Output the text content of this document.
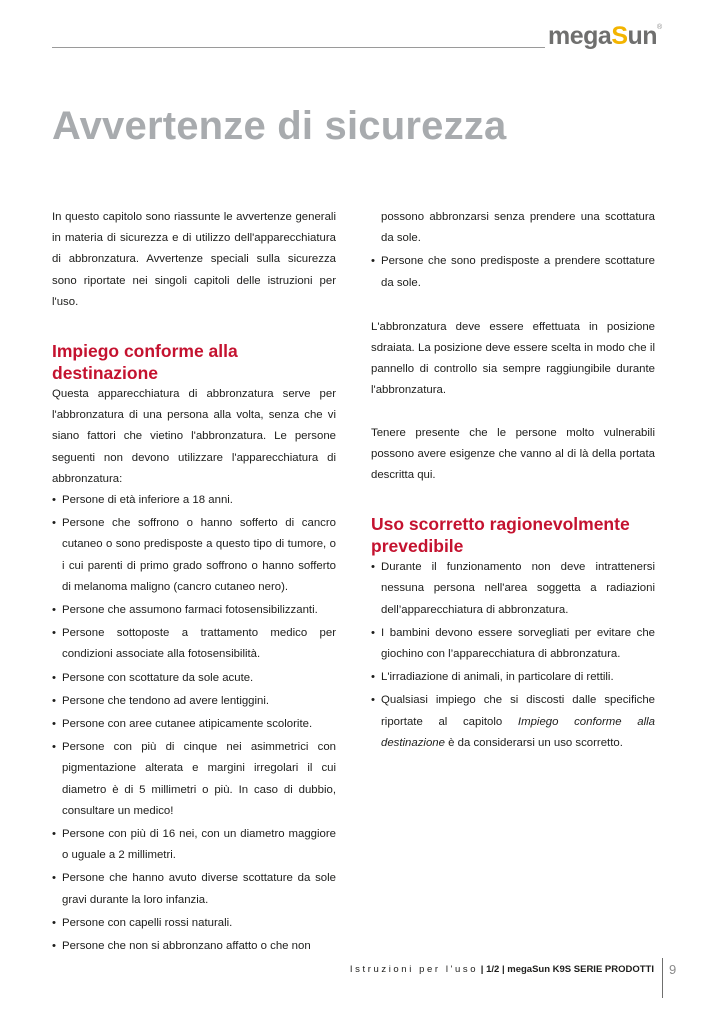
megaSun®
Avvertenze di sicurezza

In questo capitolo sono riassunte le avvertenze generali in materia di sicurezza e di utilizzo dell'apparecchiatura di abbronzatura. Avvertenze speciali sulla sicurezza sono riportate nei singoli capitoli delle istruzioni per l'uso.

Impiego conforme alla destinazione

Questa apparecchiatura di abbronzatura serve per l'abbronzatura di una persona alla volta, senza che vi siano fattori che vietino l'abbronzatura. Le persone seguenti non devono utilizzare l'apparecchiatura di abbronzatura:

• Persone di età inferiore a 18 anni.
• Persone che soffrono o hanno sofferto di cancro cutaneo o sono predisposte a questo tipo di tumore, o i cui parenti di primo grado soffrono o hanno sofferto di melanoma maligno (cancro cutaneo nero).
• Persone che assumono farmaci fotosensibilizzanti.
• Persone sottoposte a trattamento medico per condizioni associate alla fotosensibilità.
• Persone con scottature da sole acute.
• Persone che tendono ad avere lentiggini.
• Persone con aree cutanee atipicamente scolorite.
• Persone con più di cinque nei asimmetrici con pigmentazione alterata e margini irregolari il cui diametro è di 5 millimetri o più. In caso di dubbio, consultare un medico!
• Persone con più di 16 nei, con un diametro maggiore o uguale a 2 millimetri.
• Persone che hanno avuto diverse scottature da sole gravi durante la loro infanzia.
• Persone con capelli rossi naturali.
• Persone che non si abbronzano affatto o che non
possono abbronzarsi senza prendere una scottatura da sole.
• Persone che sono predisposte a prendere scottature da sole.

L'abbronzatura deve essere effettuata in posizione sdraiata. La posizione deve essere scelta in modo che il pannello di controllo sia sempre raggiungibile durante l'abbronzatura.

Tenere presente che le persone molto vulnerabili possono avere esigenze che vanno al di là della portata descritta qui.

Uso scorretto ragionevolmente prevedibile
• Durante il funzionamento non deve intrattenersi nessuna persona nell'area soggetta a radiazioni dell’apparecchiatura di abbronzatura.
• I bambini devono essere sorvegliati per evitare che giochino con l’apparecchiatura di abbronzatura.
• L'irradiazione di animali, in particolare di rettili.
• Qualsiasi impiego che si discosti dalle specifiche riportate al capitolo Impiego conforme alla destinazione è da considerarsi un uso scorretto.
Istruzioni per l'uso | 1/2 | megaSun K9S SERIE PRODOTTI 9
